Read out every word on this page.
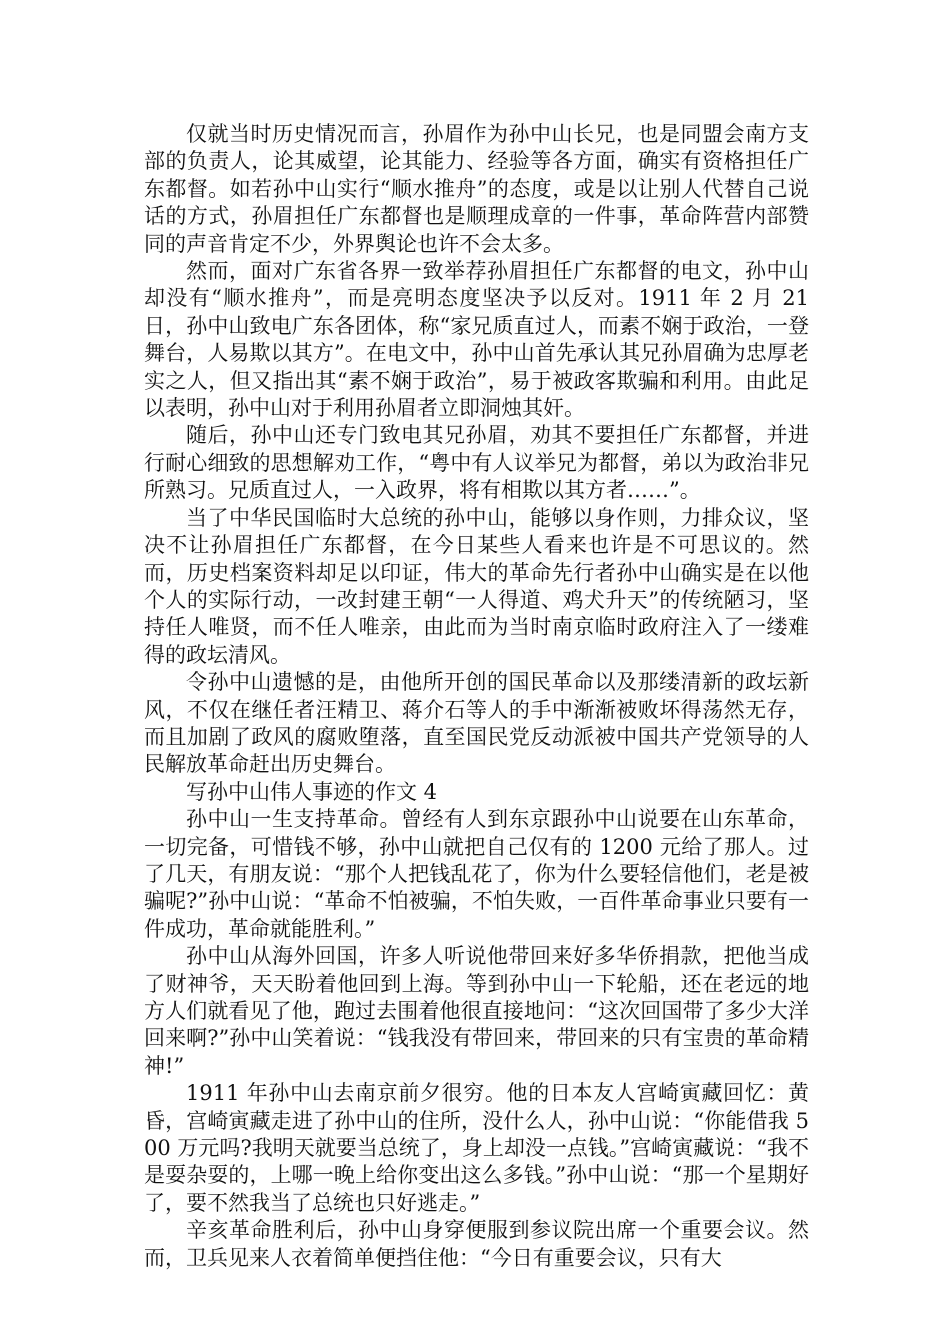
仅就当时历史情况而言，孙眉作为孙中山长兄，也是同盟会南方支部的负责人，论其威望，论其能力、经验等各方面，确实有资格担任广东都督。如若孙中山实行“顺水推舟”的态度，或是以让别人代替自己说话的方式，孙眉担任广东都督也是顺理成章的一件事，革命阵营内部赞同的声音肯定不少，外界舆论也许不会太多。

然而，面对广东省各界一致举荐孙眉担任广东都督的电文，孙中山却没有“顺水推舟”，而是亮明态度坚决予以反对。1911 年 2 月 21 日，孙中山致电广东各团体，称“家兄质直过人，而素不娴于政治，一登舞台，人易欺以其方”。在电文中，孙中山首先承认其兄孙眉确为忠厚老实之人，但又指出其“素不娴于政治”，易于被政客欺骗和利用。由此足以表明，孙中山对于利用孙眉者立即洞烛其奸。

随后，孙中山还专门致电其兄孙眉，劝其不要担任广东都督，并进行耐心细致的思想解劝工作，“粤中有人议举兄为都督，弟以为政治非兄所熟习。兄质直过人，一入政界，将有相欺以其方者……”。

当了中华民国临时大总统的孙中山，能够以身作则，力排众议，坚决不让孙眉担任广东都督，在今日某些人看来也许是不可思议的。然而，历史档案资料却足以印证，伟大的革命先行者孙中山确实是在以他个人的实际行动，一改封建王朝“一人得道、鸡犬升天”的传统陋习，坚持任人唯贤，而不任人唯亲，由此而为当时南京临时政府注入了一缕难得的政坛清风。

令孙中山遗憾的是，由他所开创的国民革命以及那缕清新的政坛新风，不仅在继任者汪精卫、蒋介石等人的手中渐渐被败坏得荡然无存，而且加剧了政风的腐败堕落，直至国民党反动派被中国共产党领导的人民解放革命赶出历史舞台。

写孙中山伟人事迹的作文 4

孙中山一生支持革命。曾经有人到东京跟孙中山说要在山东革命，一切完备，可惜钱不够，孙中山就把自己仅有的 1200 元给了那人。过了几天，有朋友说：“那个人把钱乱花了，你为什么要轻信他们，老是被骗呢?”孙中山说：“革命不怕被骗，不怕失败，一百件革命事业只要有一件成功，革命就能胜利。”

孙中山从海外回国，许多人听说他带回来好多华侨捐款，把他当成了财神爷，天天盼着他回到上海。等到孙中山一下轮船，还在老远的地方人们就看见了他，跑过去围着他很直接地问：“这次回国带了多少大洋回来啊?”孙中山笑着说：“钱我没有带回来，带回来的只有宝贵的革命精神!”

1911 年孙中山去南京前夕很穷。他的日本友人宫崎寅藏回忆：黄昏，宫崎寅藏走进了孙中山的住所，没什么人，孙中山说：“你能借我 500 万元吗?我明天就要当总统了，身上却没一点钱。”宫崎寅藏说：“我不是耍杂耍的，上哪一晚上给你变出这么多钱。”孙中山说：“那一个星期好了，要不然我当了总统也只好逃走。”

辛亥革命胜利后，孙中山身穿便服到参议院出席一个重要会议。然而，卫兵见来人衣着简单便挡住他：“今日有重要会议，只有大
